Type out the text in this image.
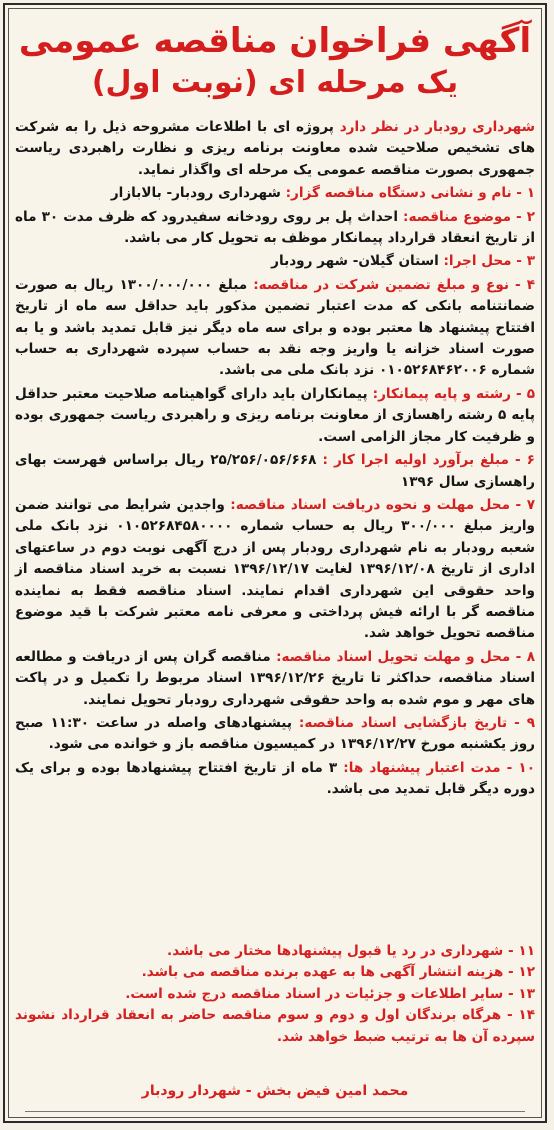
آگهی فراخوان مناقصه عمومی
یک مرحله ای (نوبت اول)

شهرداری رودبار در نظر دارد پروژه ای با اطلاعات مشروحه ذیل را به شرکت های تشخیص صلاحیت شده معاونت برنامه ریزی و نظارت راهبردی ریاست جمهوری بصورت مناقصه عمومی یک مرحله ای واگذار نماید.

۱ - نام و نشانی دستگاه مناقصه گزار: شهرداری رودبار- بالابازار

۲ - موضوع مناقصه: احداث پل بر روی رودخانه سفیدرود که ظرف مدت ۳۰ ماه از تاریخ انعقاد قرارداد پیمانکار موظف به تحویل کار می باشد.

۳ - محل اجرا: استان گیلان- شهر رودبار

۴ - نوع و مبلغ تضمین شرکت در مناقصه: مبلغ ۱۳۰۰/۰۰۰/۰۰۰ ریال به صورت ضمانتنامه بانکی که مدت اعتبار تضمین مذکور باید حداقل سه ماه از تاریخ افتتاح پیشنهاد ها معتبر بوده و برای سه ماه دیگر نیز قابل تمدید باشد و یا به صورت اسناد خزانه یا واریز وجه نقد به حساب سپرده شهرداری به حساب شماره ۰۱۰۵۲۶۸۴۶۲۰۰۶ نزد بانک ملی می باشد.

۵ - رشته و پایه پیمانکار: پیمانکاران باید دارای گواهینامه صلاحیت معتبر حداقل پایه ۵ رشته راهسازی از معاونت برنامه ریزی و راهبردی ریاست جمهوری بوده و ظرفیت کار مجاز الزامی است.

۶ - مبلغ برآورد اولیه اجرا کار : ۲۵/۲۵۶/۰۵۶/۶۶۸ ریال براساس فهرست بهای راهسازی سال ۱۳۹۶

۷ - محل مهلت و نحوه دریافت اسناد مناقصه: واجدین شرایط می توانند ضمن واریز مبلغ ۳۰۰/۰۰۰ ریال به حساب شماره ۰۱۰۵۲۶۸۴۵۸۰۰۰۰ نزد بانک ملی شعبه رودبار به نام شهرداری رودبار پس از درج آگهی نوبت دوم در ساعتهای اداری از تاریخ ۱۳۹۶/۱۲/۰۸ لغایت ۱۳۹۶/۱۲/۱۷ نسبت به خرید اسناد مناقصه از واحد حقوقی این شهرداری اقدام نمایند. اسناد مناقصه فقط به نماینده مناقصه گر با ارائه فیش پرداختی و معرفی نامه معتبر شرکت با قید موضوع مناقصه تحویل خواهد شد.

۸ - محل و مهلت تحویل اسناد مناقصه: مناقصه گران پس از دریافت و مطالعه اسناد مناقصه، حداکثر تا تاریخ ۱۳۹۶/۱۲/۲۶ اسناد مربوط را تکمیل و در پاکت های مهر و موم شده به واحد حقوقی شهرداری رودبار تحویل نمایند.

۹ - تاریخ بازگشایی اسناد مناقصه: پیشنهادهای واصله در ساعت ۱۱:۳۰ صبح روز یکشنبه مورخ ۱۳۹۶/۱۲/۲۷ در کمیسیون مناقصه باز و خوانده می شود.

۱۰ - مدت اعتبار پیشنهاد ها: ۳ ماه از تاریخ افتتاح پیشنهادها بوده و برای یک دوره دیگر قابل تمدید می باشد.

۱۱ - شهرداری در رد یا قبول پیشنهادها مختار می باشد.

۱۲ - هزینه انتشار آگهی ها به عهده برنده مناقصه می باشد.

۱۳ - سایر اطلاعات و جزئیات در اسناد مناقصه درج شده است.

۱۴ - هرگاه برندگان اول و دوم و سوم مناقصه حاضر به انعقاد قرارداد نشوند سپرده آن ها به ترتیب ضبط خواهد شد.

محمد امین فیض بخش - شهردار رودبار
